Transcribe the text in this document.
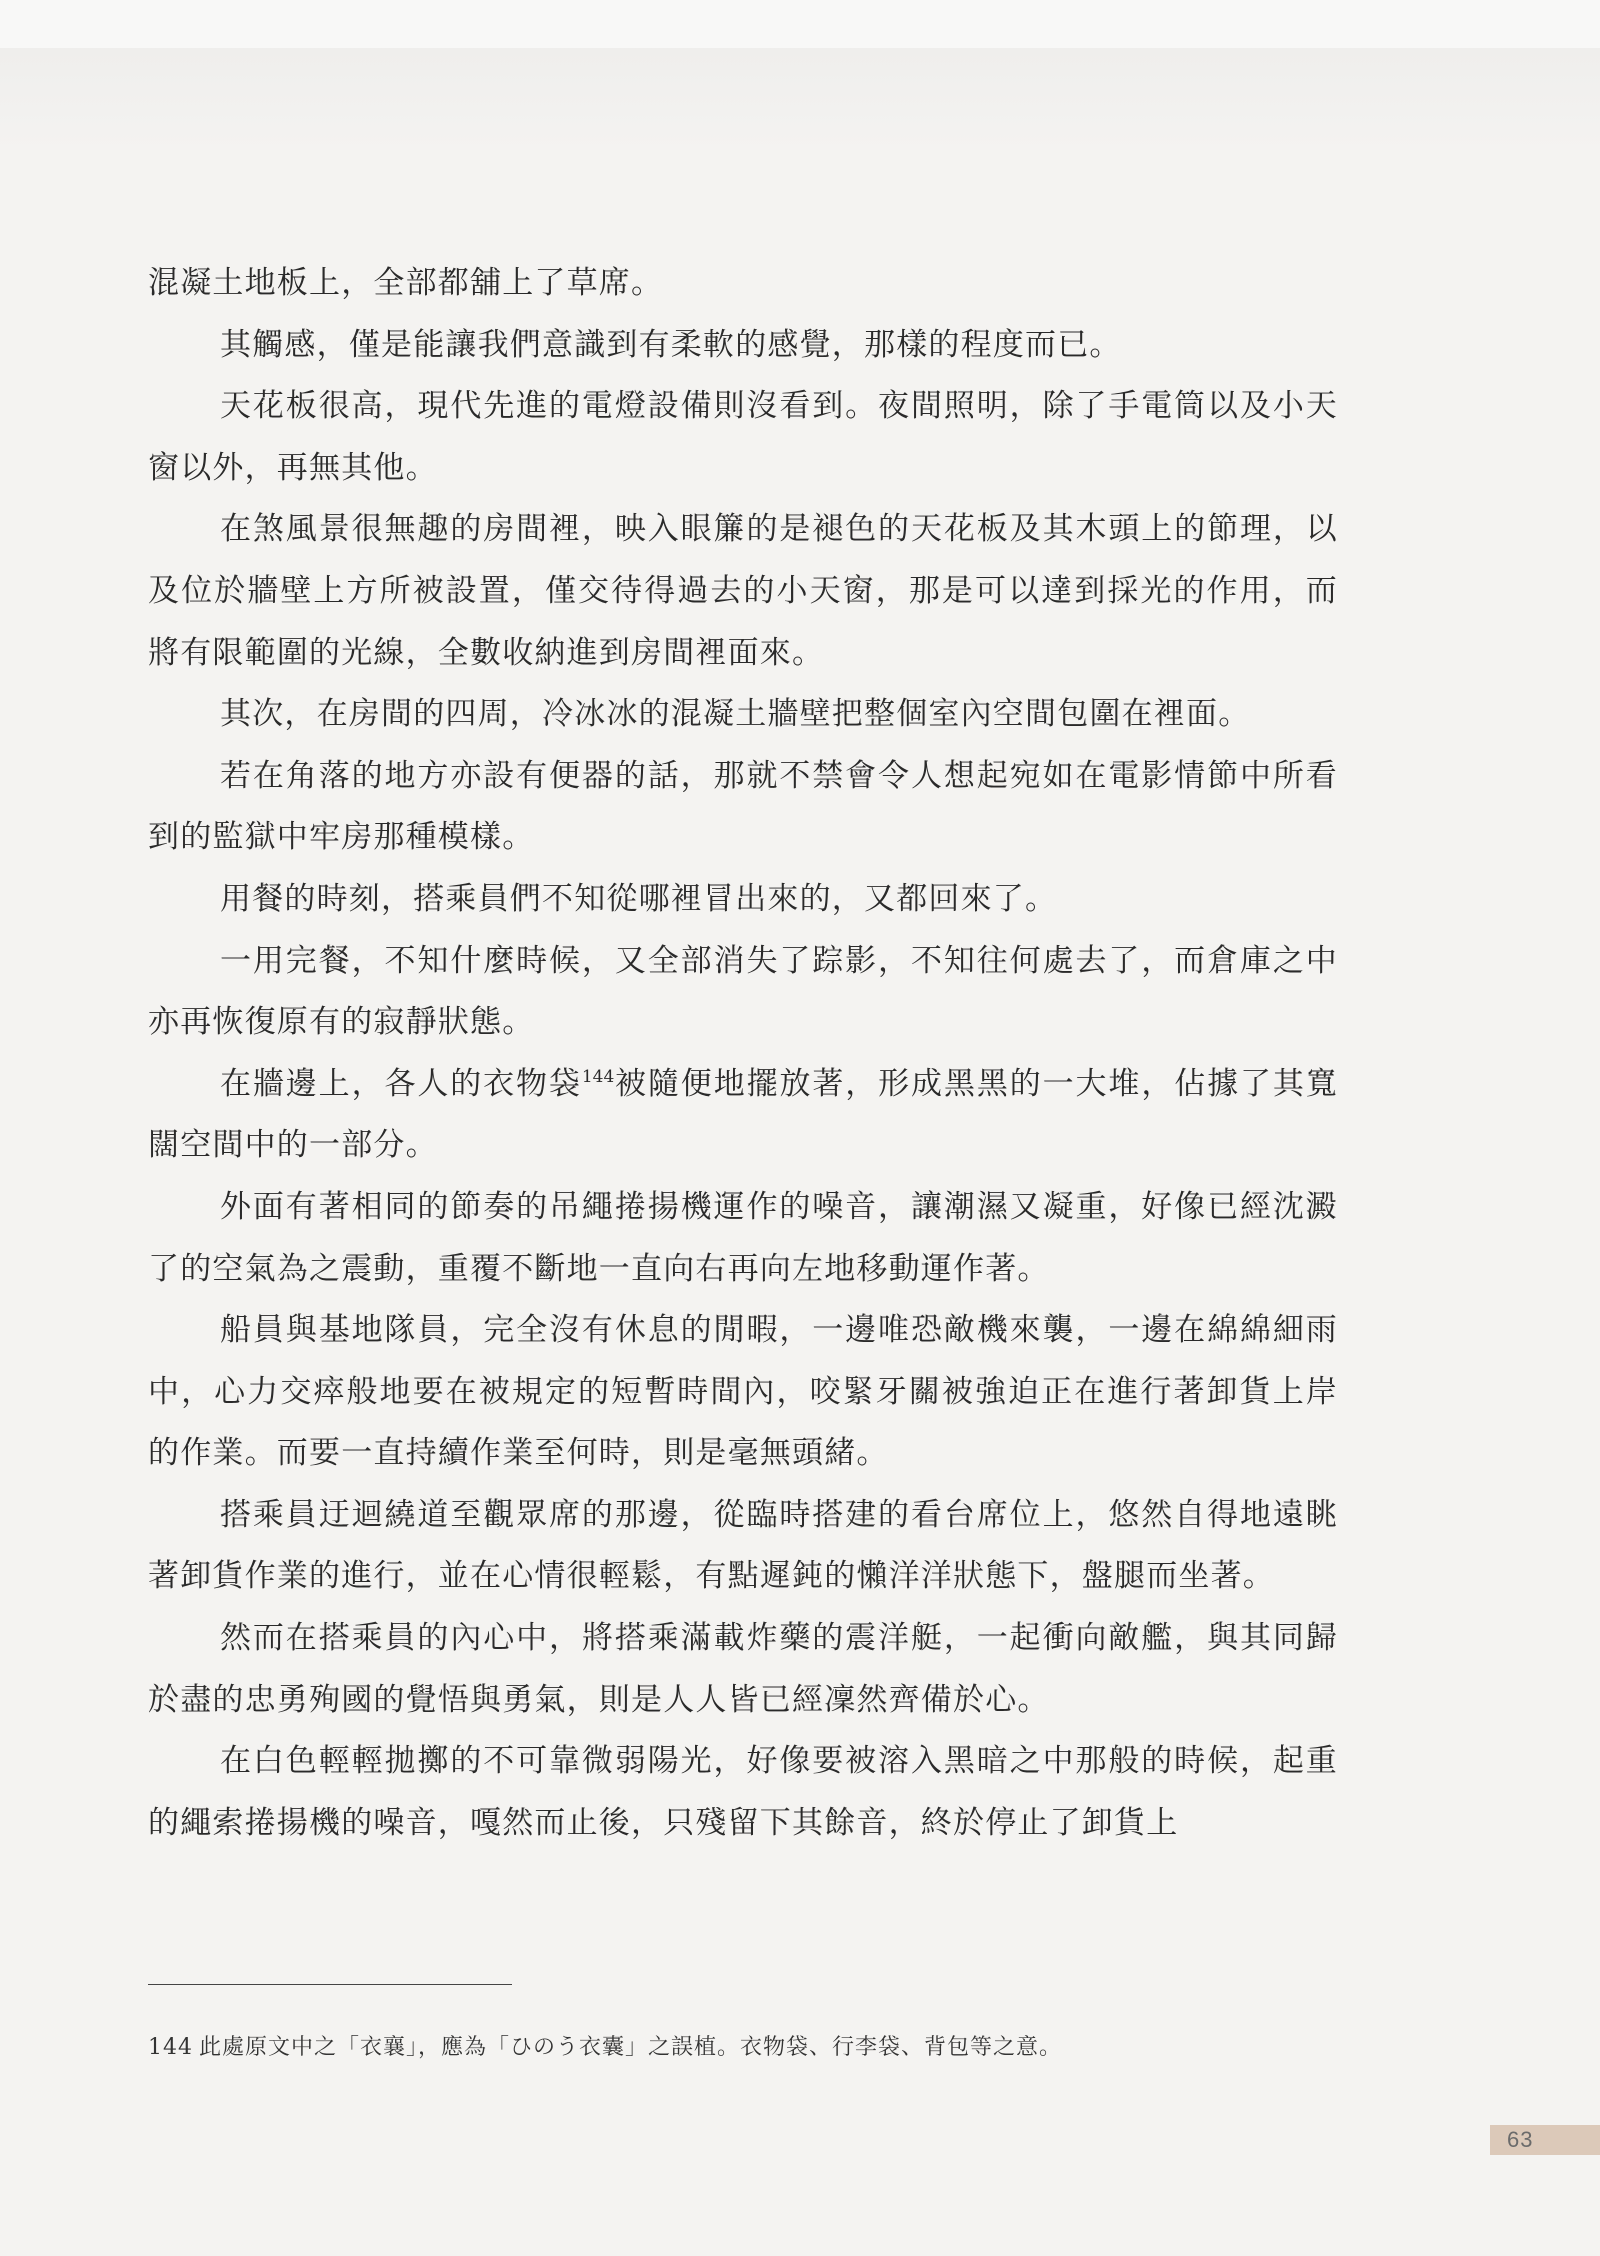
混凝土地板上，全部都舖上了草席。

其觸感，僅是能讓我們意識到有柔軟的感覺，那樣的程度而已。

天花板很高，現代先進的電燈設備則沒看到。夜間照明，除了手電筒以及小天窗以外，再無其他。

在煞風景很無趣的房間裡，映入眼簾的是褪色的天花板及其木頭上的節理，以及位於牆壁上方所被設置，僅交待得過去的小天窗，那是可以達到採光的作用，而將有限範圍的光線，全數收納進到房間裡面來。

其次，在房間的四周，冷冰冰的混凝土牆壁把整個室內空間包圍在裡面。

若在角落的地方亦設有便器的話，那就不禁會令人想起宛如在電影情節中所看到的監獄中牢房那種模樣。

用餐的時刻，搭乘員們不知從哪裡冒出來的，又都回來了。

一用完餐，不知什麼時候，又全部消失了踪影，不知往何處去了，而倉庫之中亦再恢復原有的寂靜狀態。

在牆邊上，各人的衣物袋$^{144}$被隨便地擺放著，形成黑黑的一大堆，佔據了其寬闊空間中的一部分。

外面有著相同的節奏的吊繩捲揚機運作的噪音，讓潮濕又凝重，好像已經沈澱了的空氣為之震動，重覆不斷地一直向右再向左地移動運作著。

船員與基地隊員，完全沒有休息的閒暇，一邊唯恐敵機來襲，一邊在綿綿細雨中，心力交瘁般地要在被規定的短暫時間內，咬緊牙關被強迫正在進行著卸貨上岸的作業。而要一直持續作業至何時，則是毫無頭緒。

搭乘員迂迴繞道至觀眾席的那邊，從臨時搭建的看台席位上，悠然自得地遠眺著卸貨作業的進行，並在心情很輕鬆，有點遲鈍的懶洋洋狀態下，盤腿而坐著。

然而在搭乘員的內心中，將搭乘滿載炸藥的震洋艇，一起衝向敵艦，與其同歸於盡的忠勇殉國的覺悟與勇氣，則是人人皆已經凜然齊備於心。

在白色輕輕拋擲的不可靠微弱陽光，好像要被溶入黑暗之中那般的時候，起重的繩索捲揚機的噪音，嘎然而止後，只殘留下其餘音，終於停止了卸貨上

144 此處原文中之「衣襄」，應為「ひのう衣囊」之誤植。衣物袋、行李袋、背包等之意。
63
